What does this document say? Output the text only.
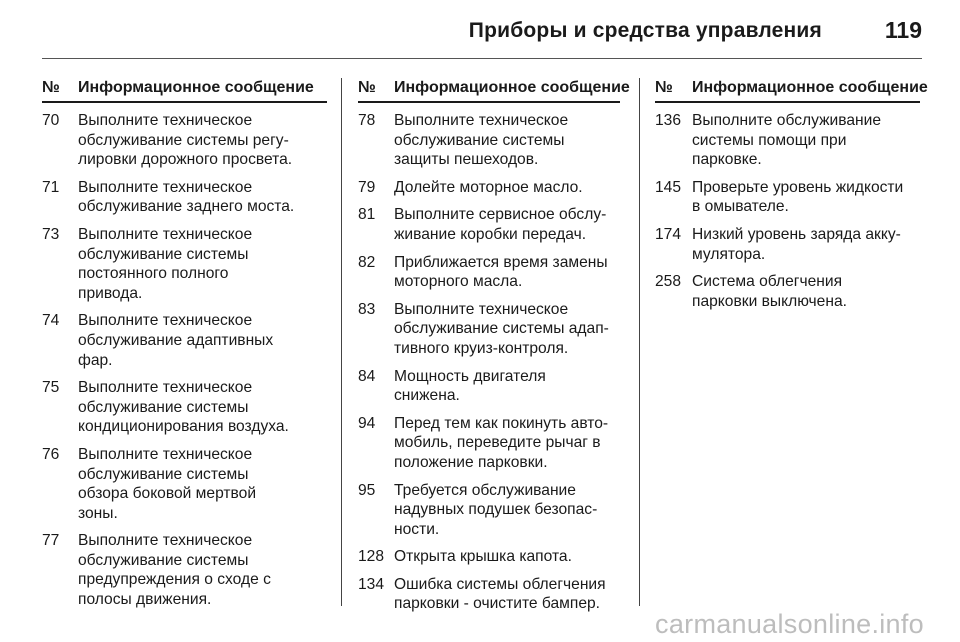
Приборы и средства управления	119
№	Информационное сообщение
70	Выполните техническое
обслуживание системы регу-
лировки дорожного просвета.
71	Выполните техническое
обслуживание заднего моста.
73	Выполните техническое
обслуживание системы
постоянного полного
привода.
74	Выполните техническое
обслуживание адаптивных
фар.
75	Выполните техническое
обслуживание системы
кондиционирования воздуха.
76	Выполните техническое
обслуживание системы
обзора боковой мертвой
зоны.
77	Выполните техническое
обслуживание системы
предупреждения о сходе с
полосы движения.
№	Информационное сообщение
78	Выполните техническое
обслуживание системы
защиты пешеходов.
79	Долейте моторное масло.
81	Выполните сервисное обслу-
живание коробки передач.
82	Приближается время замены
моторного масла.
83	Выполните техническое
обслуживание системы адап-
тивного круиз-контроля.
84	Мощность двигателя
снижена.
94	Перед тем как покинуть авто-
мобиль, переведите рычаг в
положение парковки.
95	Требуется обслуживание
надувных подушек безопас-
ности.
128 Открыта крышка капота.
134 Ошибка системы облегчения
парковки - очистите бампер.
№	Информационное сообщение
136 Выполните обслуживание
системы помощи при
парковке.
145 Проверьте уровень жидкости
в омывателе.
174 Низкий уровень заряда акку-
мулятора.
258 Система облегчения
парковки выключена.
carmanualsonline.info
